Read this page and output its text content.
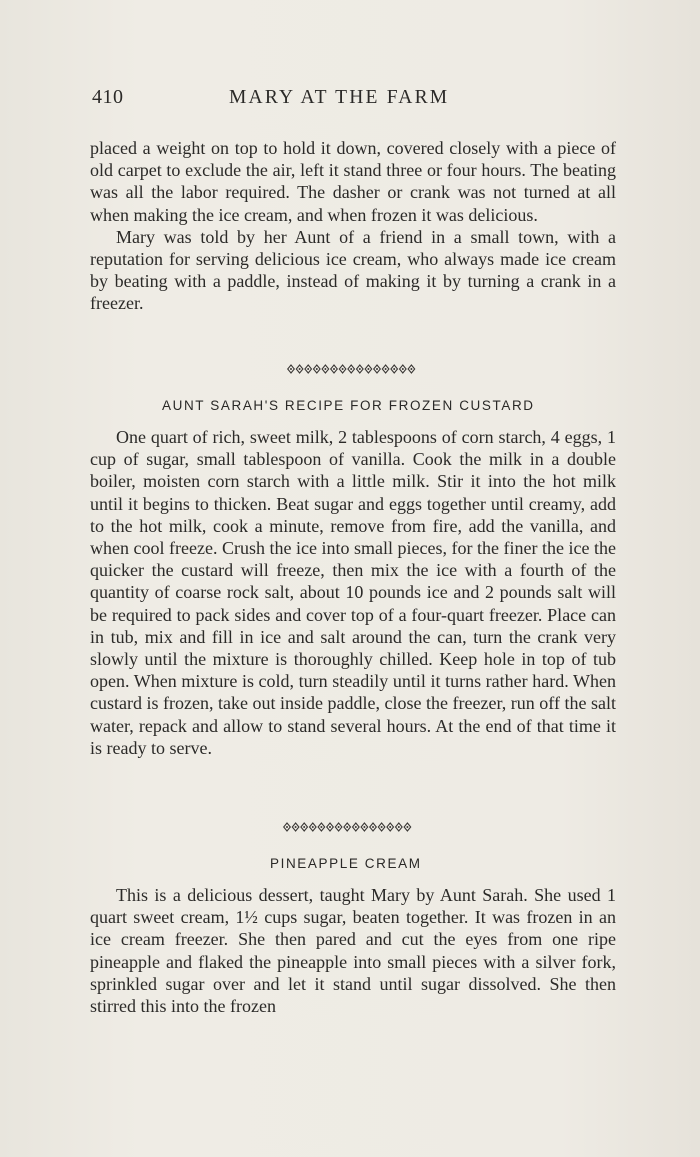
410	MARY AT THE FARM

placed a weight on top to hold it down, covered closely with a piece of old carpet to exclude the air, left it stand three or four hours. The beating was all the labor required. The dasher or crank was not turned at all when making the ice cream, and when frozen it was delicious.

Mary was told by her Aunt of a friend in a small town, with a reputation for serving delicious ice cream, who always made ice cream by beating with a paddle, instead of making it by turning a crank in a freezer.

AUNT SARAH'S RECIPE FOR FROZEN CUSTARD

One quart of rich, sweet milk, 2 tablespoons of corn starch, 4 eggs, 1 cup of sugar, small tablespoon of vanilla. Cook the milk in a double boiler, moisten corn starch with a little milk. Stir it into the hot milk until it begins to thicken. Beat sugar and eggs together until creamy, add to the hot milk, cook a minute, remove from fire, add the vanilla, and when cool freeze. Crush the ice into small pieces, for the finer the ice the quicker the custard will freeze, then mix the ice with a fourth of the quantity of coarse rock salt, about 10 pounds ice and 2 pounds salt will be required to pack sides and cover top of a four-quart freezer. Place can in tub, mix and fill in ice and salt around the can, turn the crank very slowly until the mixture is thoroughly chilled. Keep hole in top of tub open. When mixture is cold, turn steadily until it turns rather hard. When custard is frozen, take out inside paddle, close the freezer, run off the salt water, repack and allow to stand several hours. At the end of that time it is ready to serve.

PINEAPPLE CREAM

This is a delicious dessert, taught Mary by Aunt Sarah. She used 1 quart sweet cream, 1½ cups sugar, beaten together. It was frozen in an ice cream freezer. She then pared and cut the eyes from one ripe pineapple and flaked the pineapple into small pieces with a silver fork, sprinkled sugar over and let it stand until sugar dissolved. She then stirred this into the frozen
